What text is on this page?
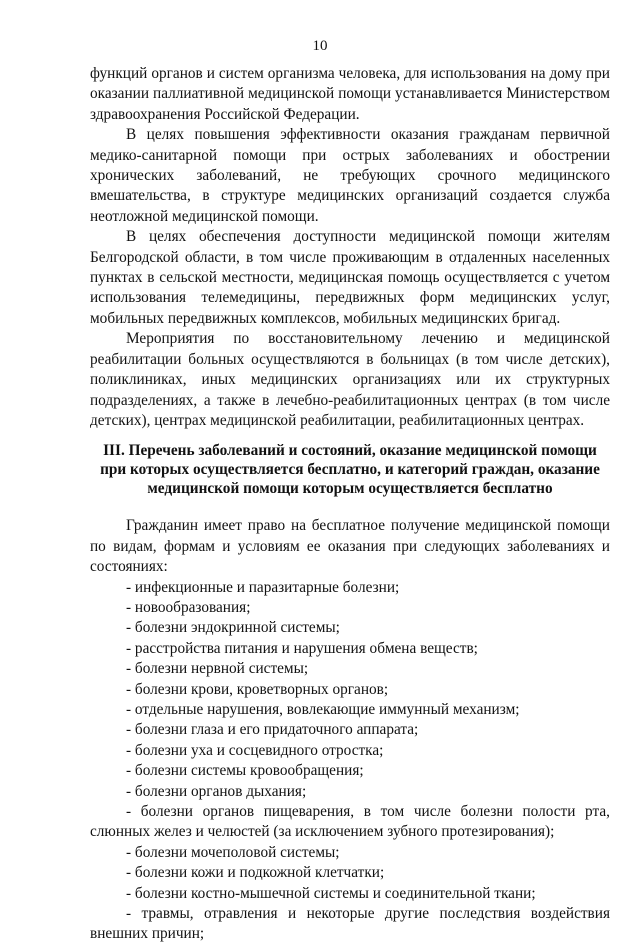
10

функций органов и систем организма человека, для использования на дому при оказании паллиативной медицинской помощи устанавливается Министерством здравоохранения Российской Федерации.

В целях повышения эффективности оказания гражданам первичной медико-санитарной помощи при острых заболеваниях и обострении хронических заболеваний, не требующих срочного медицинского вмешательства, в структуре медицинских организаций создается служба неотложной медицинской помощи.

В целях обеспечения доступности медицинской помощи жителям Белгородской области, в том числе проживающим в отдаленных населенных пунктах в сельской местности, медицинская помощь осуществляется с учетом использования телемедицины, передвижных форм медицинских услуг, мобильных передвижных комплексов, мобильных медицинских бригад.

Мероприятия по восстановительному лечению и медицинской реабилитации больных осуществляются в больницах (в том числе детских), поликлиниках, иных медицинских организациях или их структурных подразделениях, а также в лечебно-реабилитационных центрах (в том числе детских), центрах медицинской реабилитации, реабилитационных центрах.

III. Перечень заболеваний и состояний, оказание медицинской помощи при которых осуществляется бесплатно, и категорий граждан, оказание медицинской помощи которым осуществляется бесплатно

Гражданин имеет право на бесплатное получение медицинской помощи по видам, формам и условиям ее оказания при следующих заболеваниях и состояниях:

- инфекционные и паразитарные болезни;
- новообразования;
- болезни эндокринной системы;
- расстройства питания и нарушения обмена веществ;
- болезни нервной системы;
- болезни крови, кроветворных органов;
- отдельные нарушения, вовлекающие иммунный механизм;
- болезни глаза и его придаточного аппарата;
- болезни уха и сосцевидного отростка;
- болезни системы кровообращения;
- болезни органов дыхания;
- болезни органов пищеварения, в том числе болезни полости рта, слюнных желез и челюстей (за исключением зубного протезирования);
- болезни мочеполовой системы;
- болезни кожи и подкожной клетчатки;
- болезни костно-мышечной системы и соединительной ткани;
- травмы, отравления и некоторые другие последствия воздействия внешних причин;
